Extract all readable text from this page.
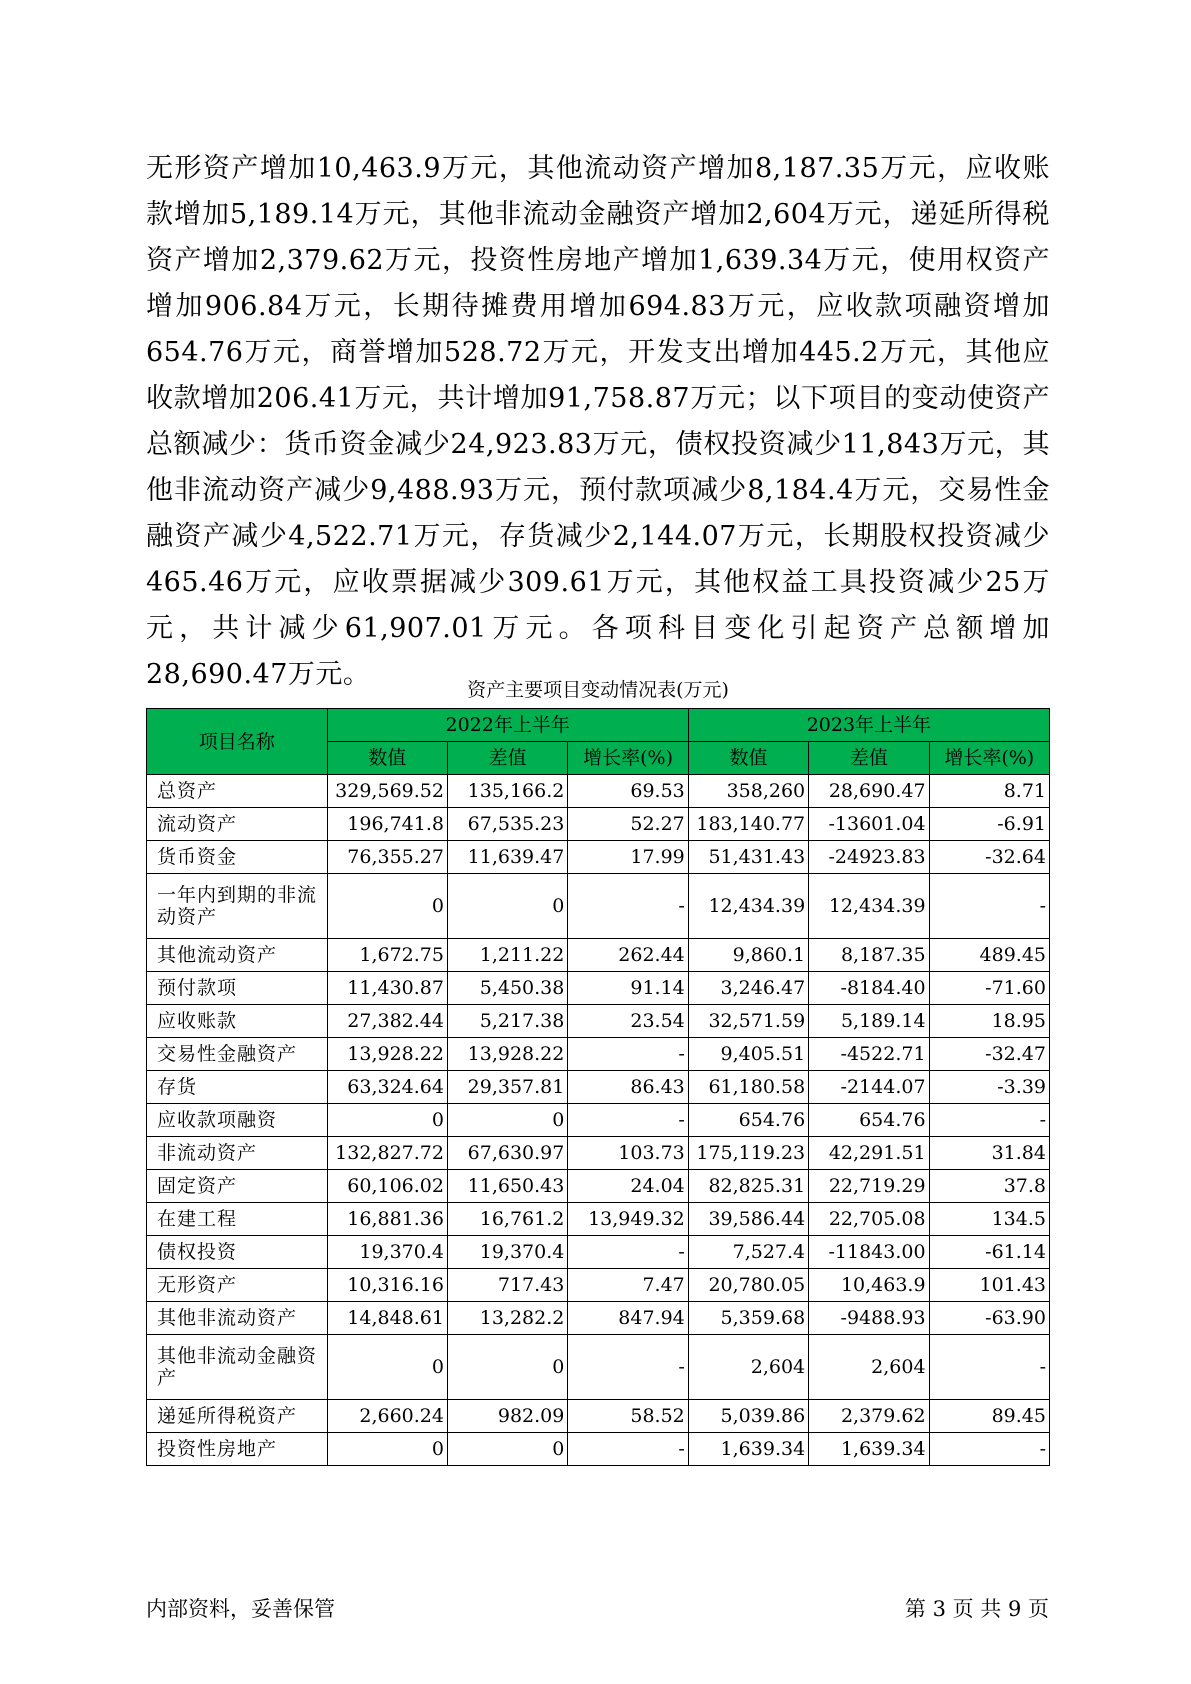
无形资产增加10,463.9万元，其他流动资产增加8,187.35万元，应收账款增加5,189.14万元，其他非流动金融资产增加2,604万元，递延所得税资产增加2,379.62万元，投资性房地产增加1,639.34万元，使用权资产增加906.84万元，长期待摊费用增加694.83万元，应收款项融资增加654.76万元，商誉增加528.72万元，开发支出增加445.2万元，其他应收款增加206.41万元，共计增加91,758.87万元；以下项目的变动使资产总额减少：货币资金减少24,923.83万元，债权投资减少11,843万元，其他非流动资产减少9,488.93万元，预付款项减少8,184.4万元，交易性金融资产减少4,522.71万元，存货减少2,144.07万元，长期股权投资减少465.46万元，应收票据减少309.61万元，其他权益工具投资减少25万元，共计减少61,907.01万元。各项科目变化引起资产总额增加28,690.47万元。	资产主要项目变动情况表(万元)
项目名称	2022年上半年			2023年上半年		
	数值	差值	增长率(%)	数值	差值	增长率(%)
总资产	329,569.52	135,166.2	69.53	358,260	28,690.47	8.71
流动资产	196,741.8	67,535.23	52.27	183,140.77	-13601.04	-6.91
货币资金	76,355.27	11,639.47	17.99	51,431.43	-24923.83	-32.64
一年内到期的非流动资产	0	0	-	12,434.39	12,434.39	-
其他流动资产	1,672.75	1,211.22	262.44	9,860.1	8,187.35	489.45
预付款项	11,430.87	5,450.38	91.14	3,246.47	-8184.40	-71.60
应收账款	27,382.44	5,217.38	23.54	32,571.59	5,189.14	18.95
交易性金融资产	13,928.22	13,928.22	-	9,405.51	-4522.71	-32.47
存货	63,324.64	29,357.81	86.43	61,180.58	-2144.07	-3.39
应收款项融资	0	0	-	654.76	654.76	-
非流动资产	132,827.72	67,630.97	103.73	175,119.23	42,291.51	31.84
固定资产	60,106.02	11,650.43	24.04	82,825.31	22,719.29	37.8
在建工程	16,881.36	16,761.2	13,949.32	39,586.44	22,705.08	134.5
债权投资	19,370.4	19,370.4	-	7,527.4	-11843.00	-61.14
无形资产	10,316.16	717.43	7.47	20,780.05	10,463.9	101.43
其他非流动资产	14,848.61	13,282.2	847.94	5,359.68	-9488.93	-63.90
其他非流动金融资产	0	0	-	2,604	2,604	-
递延所得税资产	2,660.24	982.09	58.52	5,039.86	2,379.62	89.45
投资性房地产	0	0	-	1,639.34	1,639.34	-
内部资料，妥善保管	第 3 页 共 9 页
